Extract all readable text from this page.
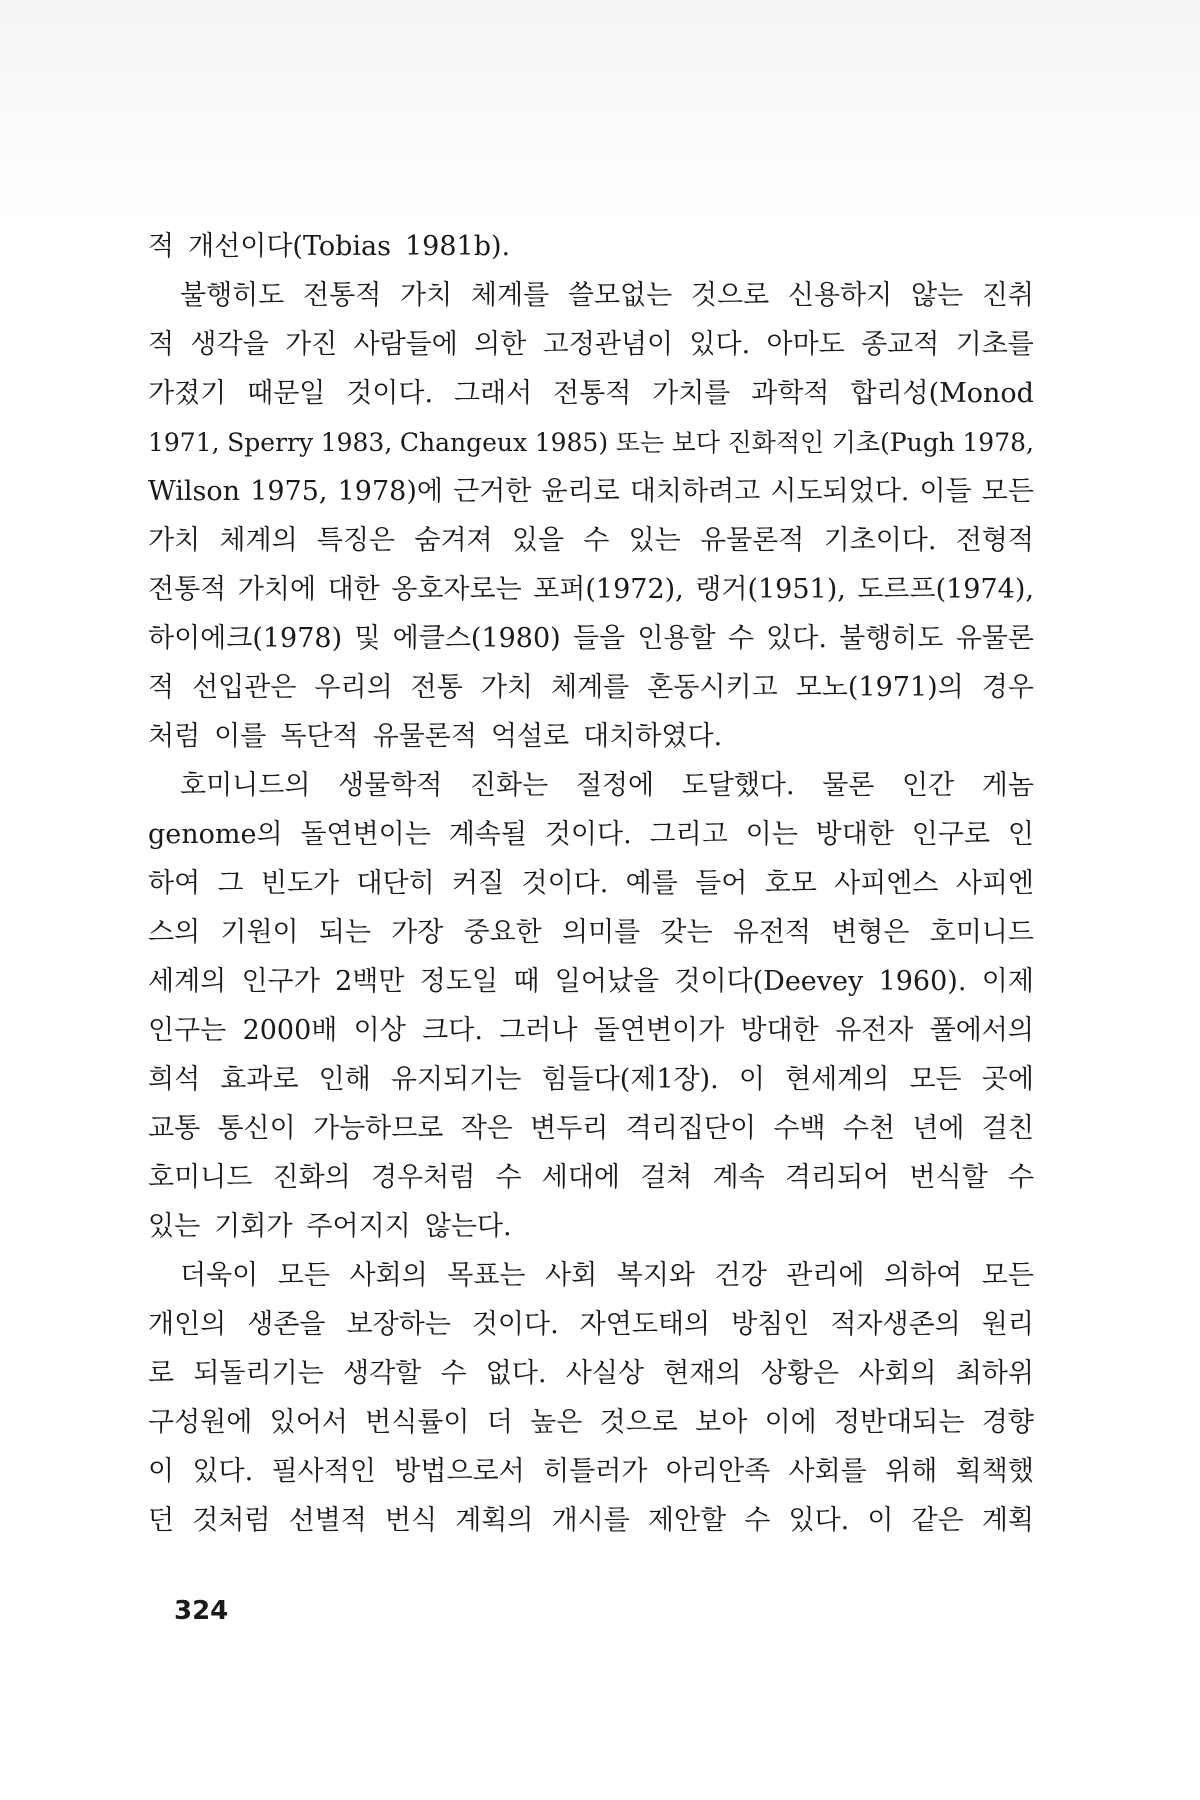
적 개선이다(Tobias 1981b).
불행히도 전통적 가치 체계를 쓸모없는 것으로 신용하지 않는 진취
적 생각을 가진 사람들에 의한 고정관념이 있다. 아마도 종교적 기초를
가졌기 때문일 것이다. 그래서 전통적 가치를 과학적 합리성(Monod
1971, Sperry 1983, Changeux 1985) 또는 보다 진화적인 기초(Pugh 1978,
Wilson 1975, 1978)에 근거한 윤리로 대치하려고 시도되었다. 이들 모든
가치 체계의 특징은 숨겨져 있을 수 있는 유물론적 기초이다. 전형적
전통적 가치에 대한 옹호자로는 포퍼(1972), 랭거(1951), 도르프(1974),
하이에크(1978) 및 에클스(1980) 들을 인용할 수 있다. 불행히도 유물론
적 선입관은 우리의 전통 가치 체계를 혼동시키고 모노(1971)의 경우
처럼 이를 독단적 유물론적 억설로 대치하였다.
호미니드의 생물학적 진화는 절정에 도달했다. 물론 인간 게놈
genome의 돌연변이는 계속될 것이다. 그리고 이는 방대한 인구로 인
하여 그 빈도가 대단히 커질 것이다. 예를 들어 호모 사피엔스 사피엔
스의 기원이 되는 가장 중요한 의미를 갖는 유전적 변형은 호미니드
세계의 인구가 2백만 정도일 때 일어났을 것이다(Deevey 1960). 이제
인구는 2000배 이상 크다. 그러나 돌연변이가 방대한 유전자 풀에서의
희석 효과로 인해 유지되기는 힘들다(제1장). 이 현세계의 모든 곳에
교통 통신이 가능하므로 작은 변두리 격리집단이 수백 수천 년에 걸친
호미니드 진화의 경우처럼 수 세대에 걸쳐 계속 격리되어 번식할 수
있는 기회가 주어지지 않는다.
더욱이 모든 사회의 목표는 사회 복지와 건강 관리에 의하여 모든
개인의 생존을 보장하는 것이다. 자연도태의 방침인 적자생존의 원리
로 되돌리기는 생각할 수 없다. 사실상 현재의 상황은 사회의 최하위
구성원에 있어서 번식률이 더 높은 것으로 보아 이에 정반대되는 경향
이 있다. 필사적인 방법으로서 히틀러가 아리안족 사회를 위해 획책했
던 것처럼 선별적 번식 계획의 개시를 제안할 수 있다. 이 같은 계획
324
